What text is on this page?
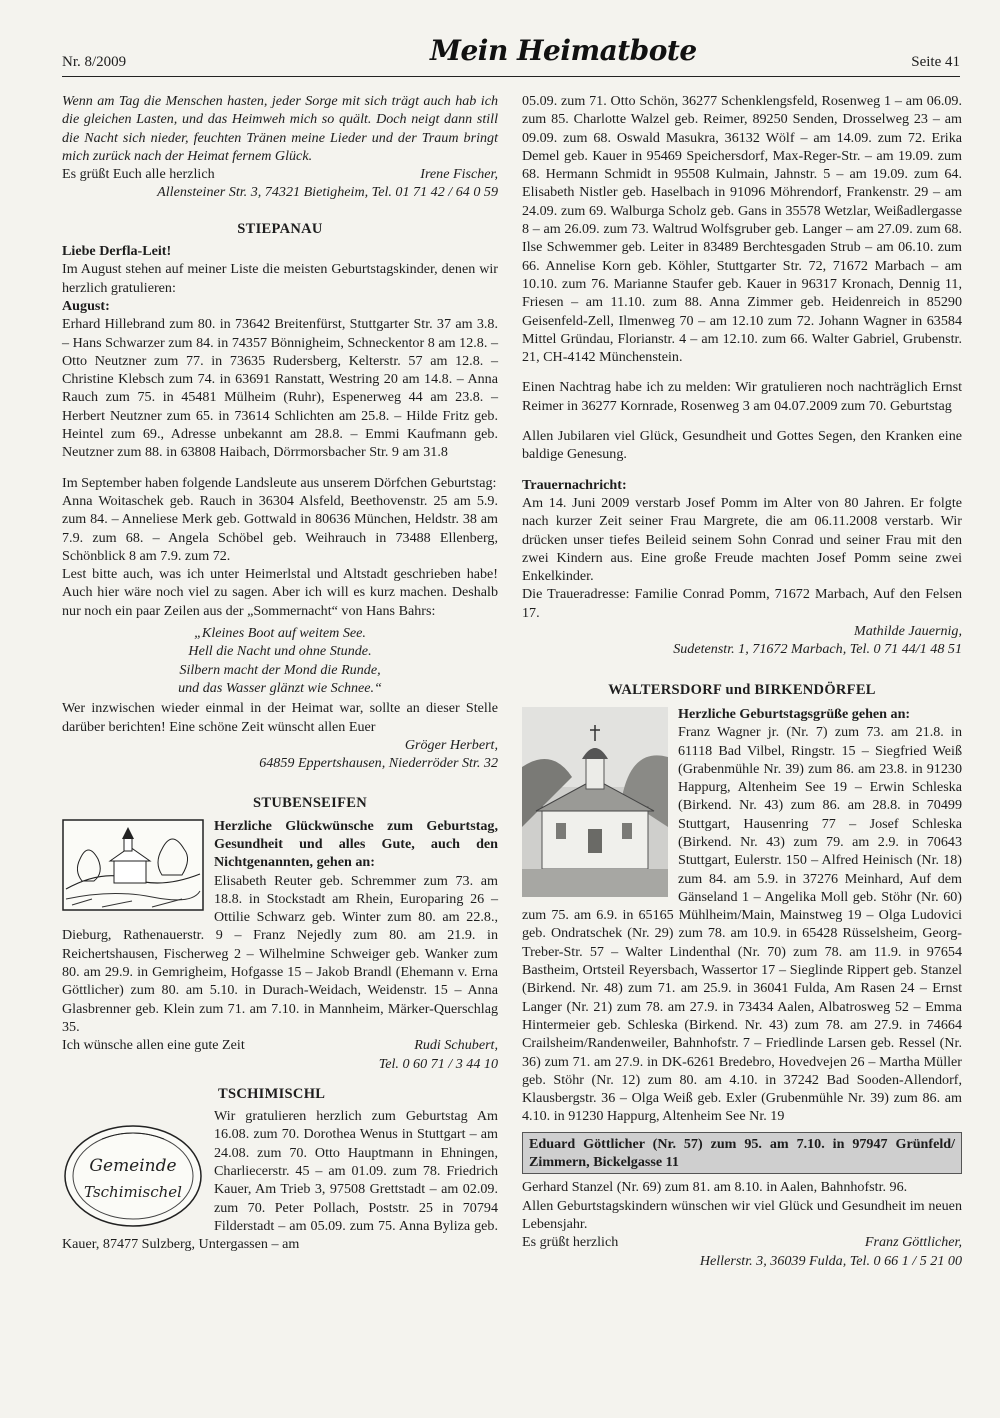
Nr. 8/2009	Mein Heimatbote	Seite 41

Wenn am Tag die Menschen hasten, jeder Sorge mit sich trägt auch hab ich die gleichen Lasten, und das Heimweh mich so quält. Doch neigt dann still die Nacht sich nieder, feuchten Tränen meine Lieder und der Traum bringt mich zurück nach der Heimat fernem Glück.

Es grüßt Euch alle herzlich	Irene Fischer,

Allensteiner Str. 3, 74321 Bietigheim, Tel. 01 71 42 / 64 0 59

STIEPANAU

Liebe Derfla-Leit!

Im August stehen auf meiner Liste die meisten Geburtstagskinder, denen wir herzlich gratulieren:

August:

Erhard Hillebrand zum 80. in 73642 Breitenfürst, Stuttgarter Str. 37 am 3.8. – Hans Schwarzer zum 84. in 74357 Bönnigheim, Schneckentor 8 am 12.8. – Otto Neutzner zum 77. in 73635 Rudersberg, Kelterstr. 57 am 12.8. – Christine Klebsch zum 74. in 63691 Ranstatt, Westring 20 am 14.8. – Anna Rauch zum 75. in 45481 Mülheim (Ruhr), Espenerweg 44 am 23.8. – Herbert Neutzner zum 65. in 73614 Schlichten am 25.8. – Hilde Fritz geb. Heintel zum 69., Adresse unbekannt am 28.8. – Emmi Kaufmann geb. Neutzner zum 88. in 63808 Haibach, Dörrmorsbacher Str. 9 am 31.8

Im September haben folgende Landsleute aus unserem Dörfchen Geburtstag:

Anna Woitaschek geb. Rauch in 36304 Alsfeld, Beethovenstr. 25 am 5.9. zum 84. – Anneliese Merk geb. Gottwald in 80636 München, Heldstr. 38 am 7.9. zum 68. – Angela Schöbel geb. Weihrauch in 73488 Ellenberg, Schönblick 8 am 7.9. zum 72.

Lest bitte auch, was ich unter Heimerlstal und Altstadt geschrieben habe! Auch hier wäre noch viel zu sagen. Aber ich will es kurz machen. Deshalb nur noch ein paar Zeilen aus der „Sommernacht“ von Hans Bahrs:

„Kleines Boot auf weitem See.
Hell die Nacht und ohne Stunde.
Silbern macht der Mond die Runde,
und das Wasser glänzt wie Schnee.“

Wer inzwischen wieder einmal in der Heimat war, sollte an dieser Stelle darüber berichten! Eine schöne Zeit wünscht allen Euer

Gröger Herbert,

64859 Eppertshausen, Niederröder Str. 32

STUBENSEIFEN

Herzliche Glückwünsche zum Geburtstag, Gesundheit und alles Gute, auch den Nichtgenannten, gehen an:

Elisabeth Reuter geb. Schremmer zum 73. am 18.8. in Stockstadt am Rhein, Europaring 26 – Ottilie Schwarz geb. Winter zum 80. am 22.8., Dieburg, Rathenauerstr. 9 – Franz Nejedly zum 80. am 21.9. in Reichertshausen, Fischerweg 2 – Wilhelmine Schweiger geb. Wanker zum 80. am 29.9. in Gemrigheim, Hofgasse 15 – Jakob Brandl (Ehemann v. Erna Göttlicher) zum 80. am 5.10. in Durach-Weidach, Weidenstr. 15 – Anna Glasbrenner geb. Klein zum 71. am 7.10. in Mannheim, Märker-Querschlag 35.

Ich wünsche allen eine gute Zeit	Rudi Schubert,

Tel. 0 60 71 / 3 44 10

TSCHIMISCHL

Gemeinde
Tschimischel

Wir gratulieren herzlich zum Geburtstag Am 16.08. zum 70. Dorothea Wenus in Stuttgart – am 24.08. zum 70. Otto Hauptmann in Ehningen, Charliecerstr. 45 – am 01.09. zum 78. Friedrich Kauer, Am Trieb 3, 97508 Grettstadt – am 02.09. zum 70. Peter Pollach, Poststr. 25 in 70794 Filderstadt – am 05.09. zum 75. Anna Byliza geb. Kauer, 87477 Sulzberg, Untergassen – am

05.09. zum 71. Otto Schön, 36277 Schenklengsfeld, Rosenweg 1 – am 06.09. zum 85. Charlotte Walzel geb. Reimer, 89250 Senden, Drosselweg 23 – am 09.09. zum 68. Oswald Masukra, 36132 Wölf – am 14.09. zum 72. Erika Demel geb. Kauer in 95469 Speichersdorf, Max-Reger-Str. – am 19.09. zum 68. Hermann Schmidt in 95508 Kulmain, Jahnstr. 5 – am 19.09. zum 64. Elisabeth Nistler geb. Haselbach in 91096 Möhrendorf, Frankenstr. 29 – am 24.09. zum 69. Walburga Scholz geb. Gans in 35578 Wetzlar, Weißadlergasse 8 – am 26.09. zum 73. Waltrud Wolfsgruber geb. Langer – am 27.09. zum 68. Ilse Schwemmer geb. Leiter in 83489 Berchtesgaden Strub – am 06.10. zum 66. Annelise Korn geb. Köhler, Stuttgarter Str. 72, 71672 Marbach – am 10.10. zum 76. Marianne Staufer geb. Kauer in 96317 Kronach, Dennig 11, Friesen – am 11.10. zum 88. Anna Zimmer geb. Heidenreich in 85290 Geisenfeld-Zell, Ilmenweg 70 – am 12.10 zum 72. Johann Wagner in 63584 Mittel Gründau, Florianstr. 4 – am 12.10. zum 66. Walter Gabriel, Grubenstr. 21, CH-4142 Münchenstein.

Einen Nachtrag habe ich zu melden: Wir gratulieren noch nachträglich Ernst Reimer in 36277 Kornrade, Rosenweg 3 am 04.07.2009 zum 70. Geburtstag

Allen Jubilaren viel Glück, Gesundheit und Gottes Segen, den Kranken eine baldige Genesung.

Trauernachricht:

Am 14. Juni 2009 verstarb Josef Pomm im Alter von 80 Jahren. Er folgte nach kurzer Zeit seiner Frau Margrete, die am 06.11.2008 verstarb. Wir drücken unser tiefes Beileid seinem Sohn Conrad und seiner Frau mit den zwei Kindern aus. Eine große Freude machten Josef Pomm seine zwei Enkelkinder.

Die Traueradresse: Familie Conrad Pomm, 71672 Marbach, Auf den Felsen 17.

Mathilde Jauernig,

Sudetenstr. 1, 71672 Marbach, Tel. 0 71 44/1 48 51

WALTERSDORF und BIRKENDÖRFEL

Herzliche Geburtstagsgrüße gehen an:

Franz Wagner jr. (Nr. 7) zum 73. am 21.8. in 61118 Bad Vilbel, Ringstr. 15 – Siegfried Weiß (Grabenmühle Nr. 39) zum 86. am 23.8. in 91230 Happurg, Altenheim See 19 – Erwin Schleska (Birkend. Nr. 43) zum 86. am 28.8. in 70499 Stuttgart, Hausenring 77 – Josef Schleska (Birkend. Nr. 43) zum 79. am 2.9. in 70643 Stuttgart, Eulerstr. 150 – Alfred Heinisch (Nr. 18) zum 84. am 5.9. in 37276 Meinhard, Auf dem Gänseland 1 – Angelika Moll geb. Stöhr (Nr. 60) zum 75. am 6.9. in 65165 Mühlheim/Main, Mainstweg 19 – Olga Ludovici geb. Ondratschek (Nr. 29) zum 78. am 10.9. in 65428 Rüsselsheim, Georg-Treber-Str. 57 – Walter Lindenthal (Nr. 70) zum 78. am 11.9. in 97654 Bastheim, Ortsteil Reyersbach, Wassertor 17 – Sieglinde Rippert geb. Stanzel (Birkend. Nr. 48) zum 71. am 25.9. in 36041 Fulda, Am Rasen 24 – Ernst Langer (Nr. 21) zum 78. am 27.9. in 73434 Aalen, Albatrosweg 52 – Emma Hintermeier geb. Schleska (Birkend. Nr. 43) zum 78. am 27.9. in 74664 Crailsheim/Randenweiler, Bahnhofstr. 7 – Friedlinde Larsen geb. Ressel (Nr. 36) zum 71. am 27.9. in DK-6261 Bredebro, Hovedvejen 26 – Martha Müller geb. Stöhr (Nr. 12) zum 80. am 4.10. in 37242 Bad Sooden-Allendorf, Klausbergstr. 36 – Olga Weiß geb. Exler (Grubenmühle Nr. 39) zum 86. am 4.10. in 91230 Happurg, Altenheim See Nr. 19

Eduard Göttlicher (Nr. 57) zum 95. am 7.10. in 97947 Grünfeld/ Zimmern, Bickelgasse 11

Gerhard Stanzel (Nr. 69) zum 81. am 8.10. in Aalen, Bahnhofstr. 96.

Allen Geburtstagskindern wünschen wir viel Glück und Gesundheit im neuen Lebensjahr.

Es grüßt herzlich	Franz Göttlicher,

Hellerstr. 3, 36039 Fulda, Tel. 0 66 1 / 5 21 00
